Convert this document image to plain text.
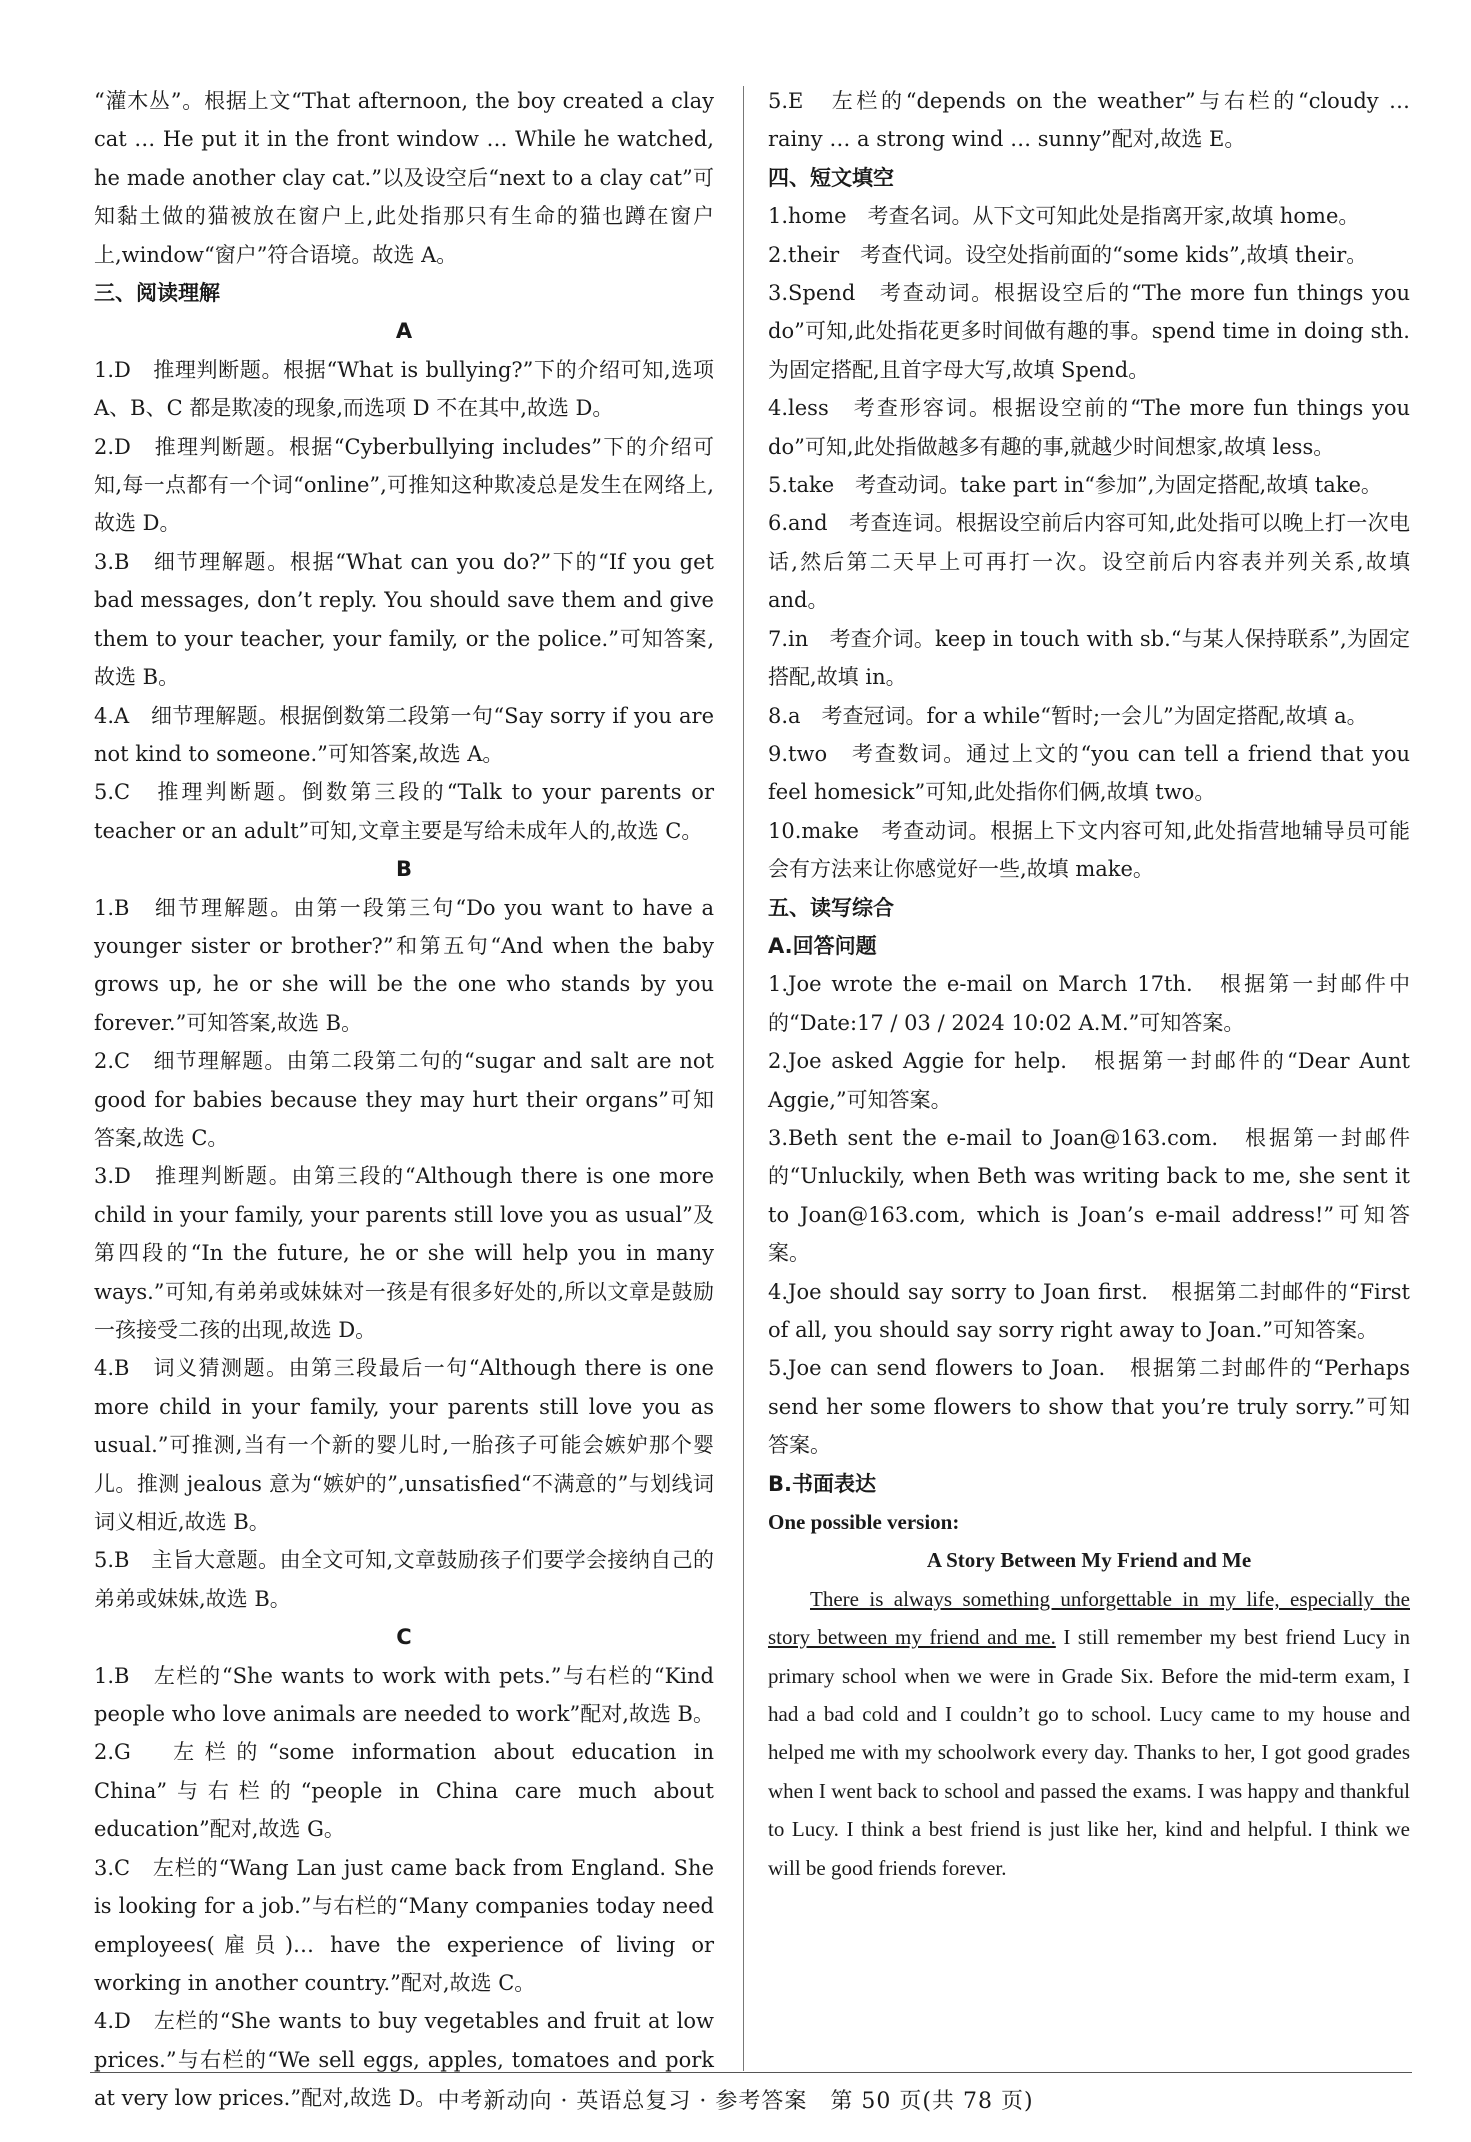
“灌木丛”。根据上文“That afternoon, the boy created a clay cat … He put it in the front window … While he watched, he made another clay cat.”以及设空后“next to a clay cat”可知黏土做的猫被放在窗户上,此处指那只有生命的猫也蹲在窗户上,window“窗户”符合语境。故选 A。

三、阅读理解

A

1.D　推理判断题。根据“What is bullying?”下的介绍可知,选项 A、B、C 都是欺凌的现象,而选项 D 不在其中,故选 D。

2.D　推理判断题。根据“Cyberbullying includes”下的介绍可知,每一点都有一个词“online”,可推知这种欺凌总是发生在网络上,故选 D。

3.B　细节理解题。根据“What can you do?”下的“If you get bad messages, don’t reply. You should save them and give them to your teacher, your family, or the police.”可知答案,故选 B。

4.A　细节理解题。根据倒数第二段第一句“Say sorry if you are not kind to someone.”可知答案,故选 A。

5.C　推理判断题。倒数第三段的“Talk to your parents or teacher or an adult”可知,文章主要是写给未成年人的,故选 C。

B

1.B　细节理解题。由第一段第三句“Do you want to have a younger sister or brother?”和第五句“And when the baby grows up, he or she will be the one who stands by you forever.”可知答案,故选 B。

2.C　细节理解题。由第二段第二句的“sugar and salt are not good for babies because they may hurt their organs”可知答案,故选 C。

3.D　推理判断题。由第三段的“Although there is one more child in your family, your parents still love you as usual”及第四段的“In the future, he or she will help you in many ways.”可知,有弟弟或妹妹对一孩是有很多好处的,所以文章是鼓励一孩接受二孩的出现,故选 D。

4.B　词义猜测题。由第三段最后一句“Although there is one more child in your family, your parents still love you as usual.”可推测,当有一个新的婴儿时,一胎孩子可能会嫉妒那个婴儿。推测 jealous 意为“嫉妒的”,unsatisfied“不满意的”与划线词词义相近,故选 B。

5.B　主旨大意题。由全文可知,文章鼓励孩子们要学会接纳自己的弟弟或妹妹,故选 B。

C

1.B　左栏的“She wants to work with pets.”与右栏的“Kind people who love animals are needed to work”配对,故选 B。

2.G　左栏的“some information about education in China”与右栏的“people in China care much about education”配对,故选 G。

3.C　左栏的“Wang Lan just came back from England. She is looking for a job.”与右栏的“Many companies today need employees(雇员)… have the experience of living or working in another country.”配对,故选 C。

4.D　左栏的“She wants to buy vegetables and fruit at low prices.”与右栏的“We sell eggs, apples, tomatoes and pork at very low prices.”配对,故选 D。

5.E　左栏的“depends on the weather”与右栏的“cloudy … rainy … a strong wind … sunny”配对,故选 E。

四、短文填空

1.home　考查名词。从下文可知此处是指离开家,故填 home。

2.their　考查代词。设空处指前面的“some kids”,故填 their。

3.Spend　考查动词。根据设空后的“The more fun things you do”可知,此处指花更多时间做有趣的事。spend time in doing sth.为固定搭配,且首字母大写,故填 Spend。

4.less　考查形容词。根据设空前的“The more fun things you do”可知,此处指做越多有趣的事,就越少时间想家,故填 less。

5.take　考查动词。take part in“参加”,为固定搭配,故填 take。

6.and　考查连词。根据设空前后内容可知,此处指可以晚上打一次电话,然后第二天早上可再打一次。设空前后内容表并列关系,故填 and。

7.in　考查介词。keep in touch with sb.“与某人保持联系”,为固定搭配,故填 in。

8.a　考查冠词。for a while“暂时;一会儿”为固定搭配,故填 a。

9.two　考查数词。通过上文的“you can tell a friend that you feel homesick”可知,此处指你们俩,故填 two。

10.make　考查动词。根据上下文内容可知,此处指营地辅导员可能会有方法来让你感觉好一些,故填 make。

五、读写综合

A.回答问题

1.Joe wrote the e-mail on March 17th.　根据第一封邮件中的“Date:17 / 03 / 2024 10:02 A.M.”可知答案。

2.Joe asked Aggie for help.　根据第一封邮件的“Dear Aunt Aggie,”可知答案。

3.Beth sent the e-mail to Joan@163.com.　根据第一封邮件的“Unluckily, when Beth was writing back to me, she sent it to Joan@163.com, which is Joan’s e-mail address!”可知答案。

4.Joe should say sorry to Joan first.　根据第二封邮件的“First of all, you should say sorry right away to Joan.”可知答案。

5.Joe can send flowers to Joan.　根据第二封邮件的“Perhaps send her some flowers to show that you’re truly sorry.”可知答案。

B.书面表达

One possible version:

A Story Between My Friend and Me

There is always something unforgettable in my life, especially the story between my friend and me. I still remember my best friend Lucy in primary school when we were in Grade Six. Before the mid-term exam, I had a bad cold and I couldn’t go to school. Lucy came to my house and helped me with my schoolwork every day. Thanks to her, I got good grades when I went back to school and passed the exams. I was happy and thankful to Lucy. I think a best friend is just like her, kind and helpful. I think we will be good friends forever.

中考新动向 · 英语总复习 · 参考答案　第 50 页(共 78 页)
